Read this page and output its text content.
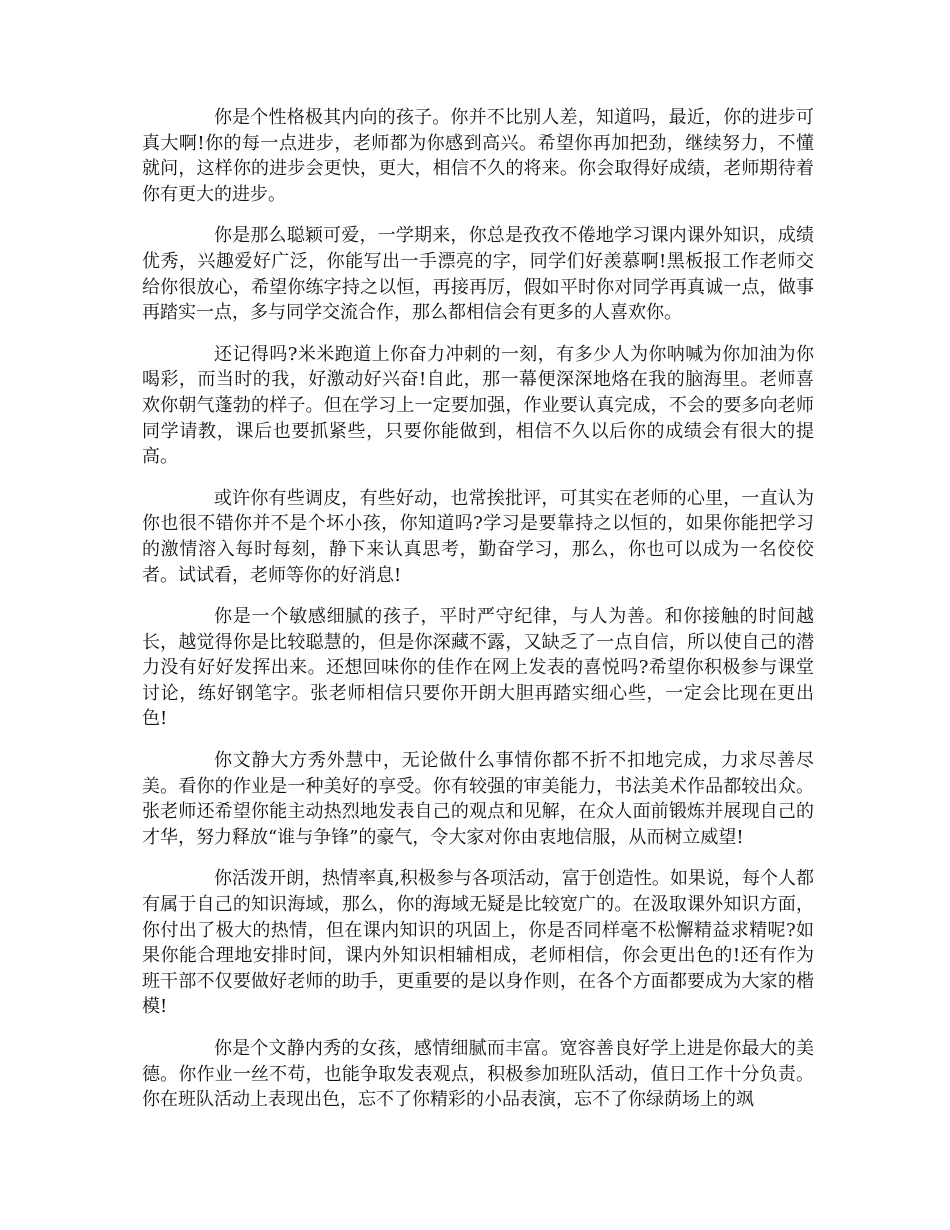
你是个性格极其内向的孩子。你并不比别人差，知道吗，最近，你的进步可真大啊!你的每一点进步，老师都为你感到高兴。希望你再加把劲，继续努力，不懂就问，这样你的进步会更快，更大，相信不久的将来。你会取得好成绩，老师期待着你有更大的进步。

你是那么聪颖可爱，一学期来，你总是孜孜不倦地学习课内课外知识，成绩优秀，兴趣爱好广泛，你能写出一手漂亮的字，同学们好羡慕啊!黑板报工作老师交给你很放心，希望你练字持之以恒，再接再厉，假如平时你对同学再真诚一点，做事再踏实一点，多与同学交流合作，那么都相信会有更多的人喜欢你。

还记得吗?米米跑道上你奋力冲刺的一刻，有多少人为你呐喊为你加油为你喝彩，而当时的我，好激动好兴奋!自此，那一幕便深深地烙在我的脑海里。老师喜欢你朝气蓬勃的样子。但在学习上一定要加强，作业要认真完成，不会的要多向老师同学请教，课后也要抓紧些，只要你能做到，相信不久以后你的成绩会有很大的提高。

或许你有些调皮，有些好动，也常挨批评，可其实在老师的心里，一直认为你也很不错你并不是个坏小孩，你知道吗?学习是要靠持之以恒的，如果你能把学习的激情溶入每时每刻，静下来认真思考，勤奋学习，那么，你也可以成为一名佼佼者。试试看，老师等你的好消息!

你是一个敏感细腻的孩子，平时严守纪律，与人为善。和你接触的时间越长，越觉得你是比较聪慧的，但是你深藏不露，又缺乏了一点自信，所以使自己的潜力没有好好发挥出来。还想回味你的佳作在网上发表的喜悦吗?希望你积极参与课堂讨论，练好钢笔字。张老师相信只要你开朗大胆再踏实细心些，一定会比现在更出色!

你文静大方秀外慧中，无论做什么事情你都不折不扣地完成，力求尽善尽美。看你的作业是一种美好的享受。你有较强的审美能力，书法美术作品都较出众。张老师还希望你能主动热烈地发表自己的观点和见解，在众人面前锻炼并展现自己的才华，努力释放“谁与争锋”的豪气，令大家对你由衷地信服，从而树立威望!

你活泼开朗，热情率真,积极参与各项活动，富于创造性。如果说，每个人都有属于自己的知识海域，那么，你的海域无疑是比较宽广的。在汲取课外知识方面，你付出了极大的热情，但在课内知识的巩固上，你是否同样毫不松懈精益求精呢?如果你能合理地安排时间，课内外知识相辅相成，老师相信，你会更出色的!还有作为班干部不仅要做好老师的助手，更重要的是以身作则，在各个方面都要成为大家的楷模!

你是个文静内秀的女孩，感情细腻而丰富。宽容善良好学上进是你最大的美德。你作业一丝不苟，也能争取发表观点，积极参加班队活动，值日工作十分负责。你在班队活动上表现出色，忘不了你精彩的小品表演，忘不了你绿荫场上的飒
